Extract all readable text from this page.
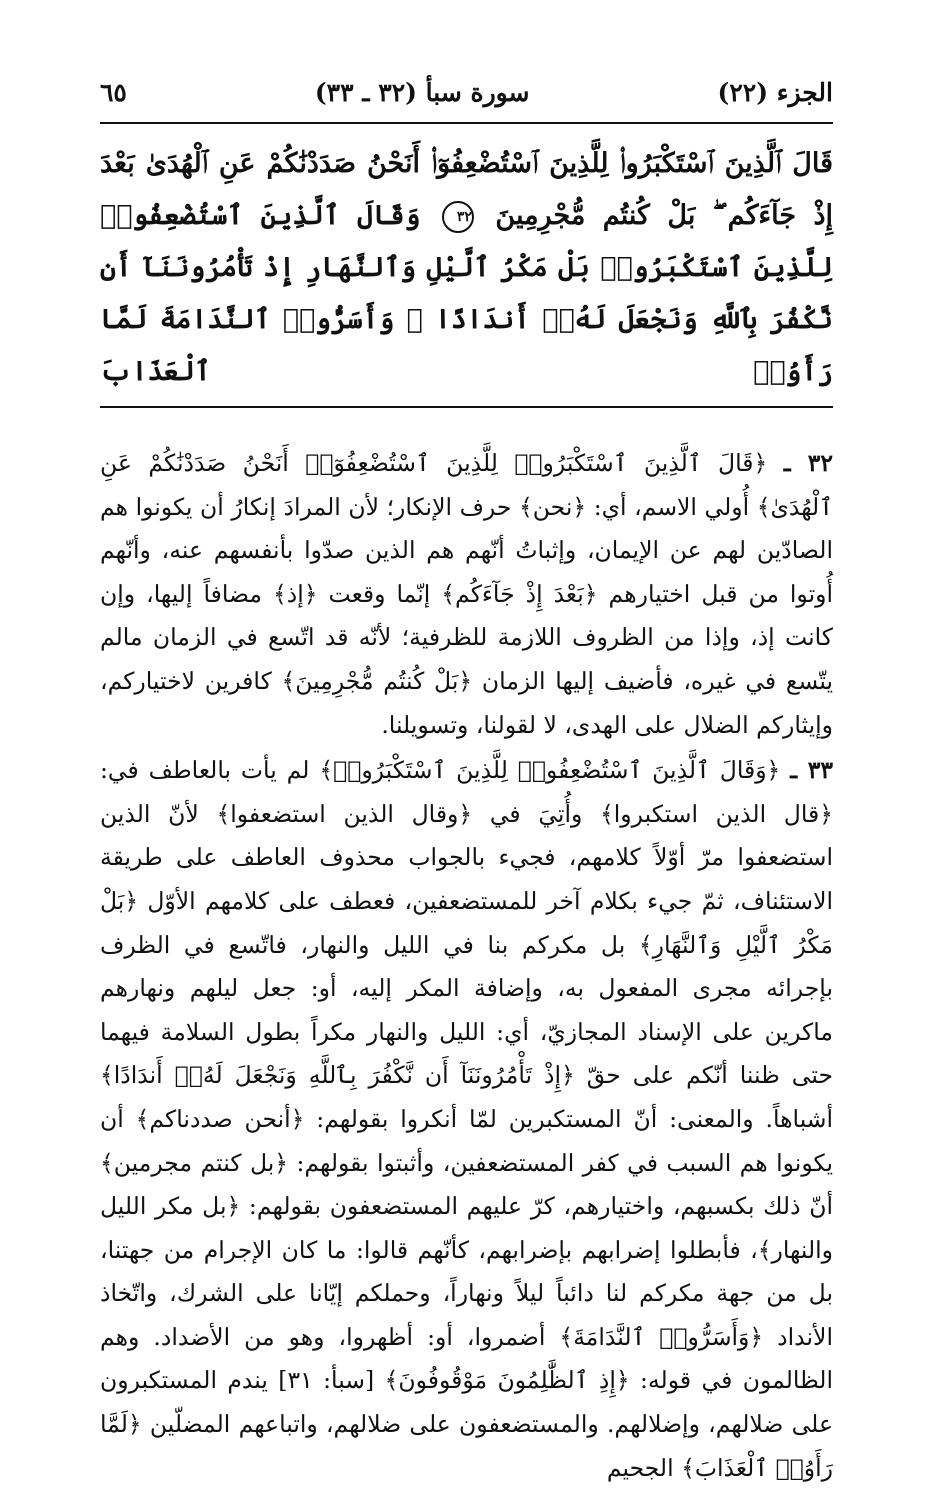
الجزء (٢٢)
سورة سبأ (٣٢ ـ ٣٣)
٦٥
قَالَ ٱلَّذِينَ ٱسْتَكْبَرُوا۟ لِلَّذِينَ ٱسْتُضْعِفُوٓا۟ أَنَحْنُ صَدَدْنَٰكُمْ عَنِ ٱلْهُدَىٰ بَعْدَ إِذْ جَآءَكُم ۖ بَلْ كُنتُم مُّجْرِمِينَ ٣٢ وَقَالَ ٱلَّذِينَ ٱسْتُضْعِفُوا۟ لِلَّذِينَ ٱسْتَكْبَرُوا۟ بَلْ مَكْرُ ٱلَّيْلِ وَٱلنَّهَارِ إِذْ تَأْمُرُونَنَآ أَن نَّكْفُرَ بِٱللَّهِ وَنَجْعَلَ لَهُۥٓ أَندَادًا ۚ وَأَسَرُّوا۟ ٱلنَّدَامَةَ لَمَّا رَأَوُا۟ ٱلْعَذَابَ

٣٢ ـ ﴿قَالَ ٱلَّذِينَ ٱسْتَكْبَرُوا۟ لِلَّذِينَ ٱسْتُضْعِفُوٓا۟ أَنَحْنُ صَدَدْنَٰكُمْ عَنِ ٱلْهُدَىٰ﴾ أُولي الاسم، أي: ﴿نحن﴾ حرف الإنكار؛ لأن المرادَ إنكارُ أن يكونوا هم الصادّين لهم عن الإيمان، وإثباتُ أنّهم هم الذين صدّوا بأنفسهم عنه، وأنّهم أُوتوا من قبل اختيارهم ﴿بَعْدَ إِذْ جَآءَكُم﴾ إنّما وقعت ﴿إذ﴾ مضافاً إليها، وإن كانت إذ، وإذا من الظروف اللازمة للظرفية؛ لأنّه قد اتّسع في الزمان مالم يتّسع في غيره، فأضيف إليها الزمان ﴿بَلْ كُنتُم مُّجْرِمِينَ﴾ كافرين لاختياركم، وإيثاركم الضلال على الهدى، لا لقولنا، وتسويلنا.

٣٣ ـ ﴿وَقَالَ ٱلَّذِينَ ٱسْتُضْعِفُوا۟ لِلَّذِينَ ٱسْتَكْبَرُوا۟﴾ لم يأت بالعاطف في: ﴿قال الذين استكبروا﴾ وأُتِيَ في ﴿وقال الذين استضعفوا﴾ لأنّ الذين استضعفوا مرّ أوّلاً كلامهم، فجيء بالجواب محذوف العاطف على طريقة الاستئناف، ثمّ جيء بكلام آخر للمستضعفين، فعطف على كلامهم الأوّل ﴿بَلْ مَكْرُ ٱلَّيْلِ وَٱلنَّهَارِ﴾ بل مكركم بنا في الليل والنهار، فاتّسع في الظرف بإجرائه مجرى المفعول به، وإضافة المكر إليه، أو: جعل ليلهم ونهارهم ماكرين على الإسناد المجازيّ، أي: الليل والنهار مكراً بطول السلامة فيهما حتى ظننا أنّكم على حقّ ﴿إِذْ تَأْمُرُونَنَآ أَن نَّكْفُرَ بِٱللَّهِ وَنَجْعَلَ لَهُۥٓ أَندَادًا﴾ أشباهاً. والمعنى: أنّ المستكبرين لمّا أنكروا بقولهم: ﴿أنحن صددناكم﴾ أن يكونوا هم السبب في كفر المستضعفين، وأثبتوا بقولهم: ﴿بل كنتم مجرمين﴾ أنّ ذلك بكسبهم، واختيارهم، كرّ عليهم المستضعفون بقولهم: ﴿بل مكر الليل والنهار﴾، فأبطلوا إضرابهم بإضرابهم، كأنّهم قالوا: ما كان الإجرام من جهتنا، بل من جهة مكركم لنا دائباً ليلاً ونهاراً، وحملكم إيّانا على الشرك، واتّخاذ الأنداد ﴿وَأَسَرُّوا۟ ٱلنَّدَامَةَ﴾ أضمروا، أو: أظهروا، وهو من الأضداد. وهم الظالمون في قوله: ﴿إِذِ ٱلظَّٰلِمُونَ مَوْقُوفُونَ﴾ [سبأ: ٣١] يندم المستكبرون على ضلالهم، وإضلالهم. والمستضعفون على ضلالهم، واتباعهم المضلّين ﴿لَمَّا رَأَوُا۟ ٱلْعَذَابَ﴾ الجحيم
